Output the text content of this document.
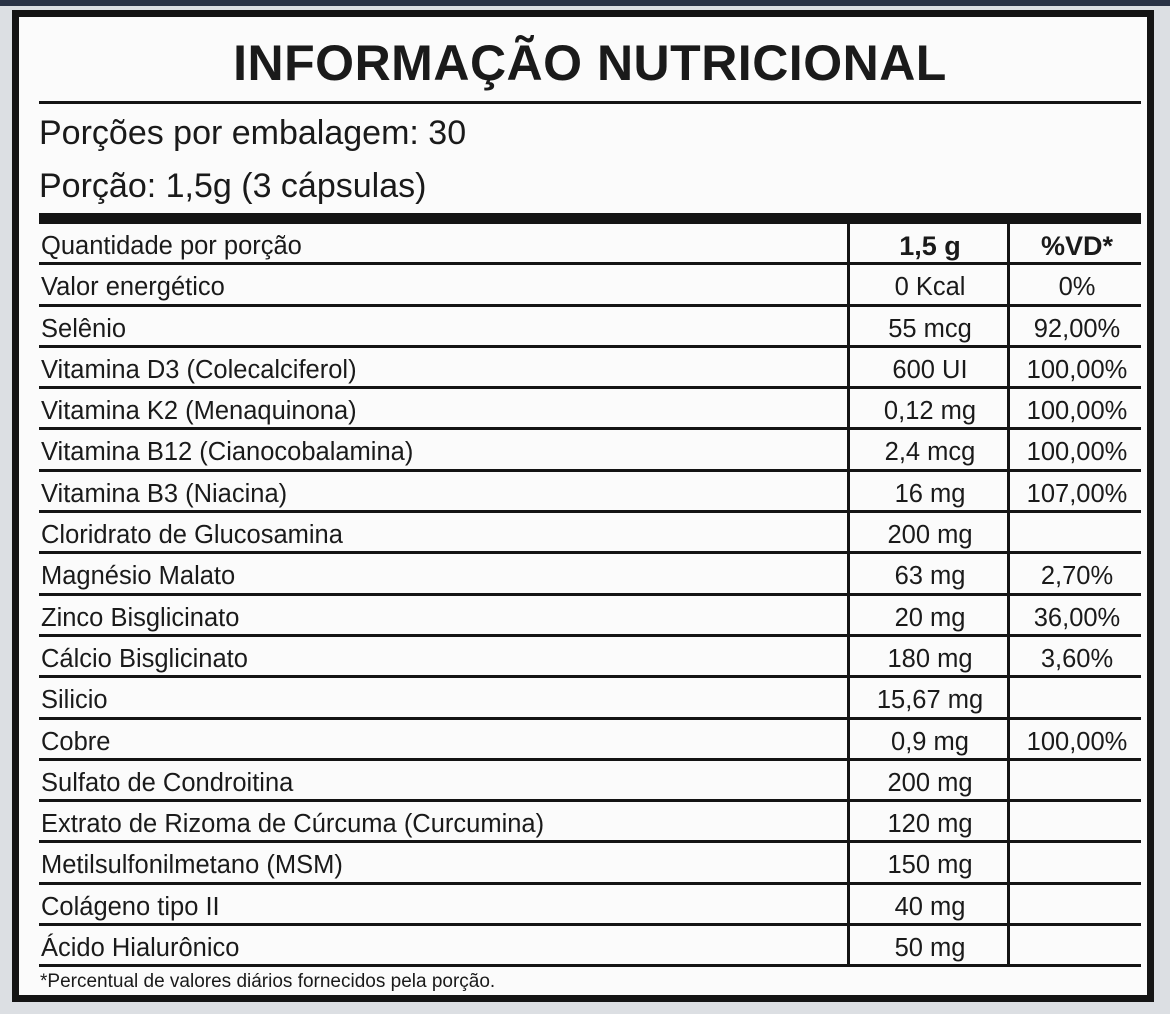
INFORMAÇÃO NUTRICIONAL
Porções por embalagem: 30
Porção: 1,5g (3 cápsulas)
Quantidade por porção	1,5 g	%VD*
Valor energético	0 Kcal	0%
Selênio	55 mcg	92,00%
Vitamina D3 (Colecalciferol)	600 UI	100,00%
Vitamina K2 (Menaquinona)	0,12 mg	100,00%
Vitamina B12 (Cianocobalamina)	2,4 mcg	100,00%
Vitamina B3 (Niacina)	16 mg	107,00%
Cloridrato de Glucosamina	200 mg
Magnésio Malato	63 mg	2,70%
Zinco Bisglicinato	20 mg	36,00%
Cálcio Bisglicinato	180 mg	3,60%
Silicio	15,67 mg
Cobre	0,9 mg	100,00%
Sulfato de Condroitina	200 mg
Extrato de Rizoma de Cúrcuma (Curcumina)	120 mg
Metilsulfonilmetano (MSM)	150 mg
Colágeno tipo II	40 mg
Ácido Hialurônico	50 mg
*Percentual de valores diários fornecidos pela porção.
